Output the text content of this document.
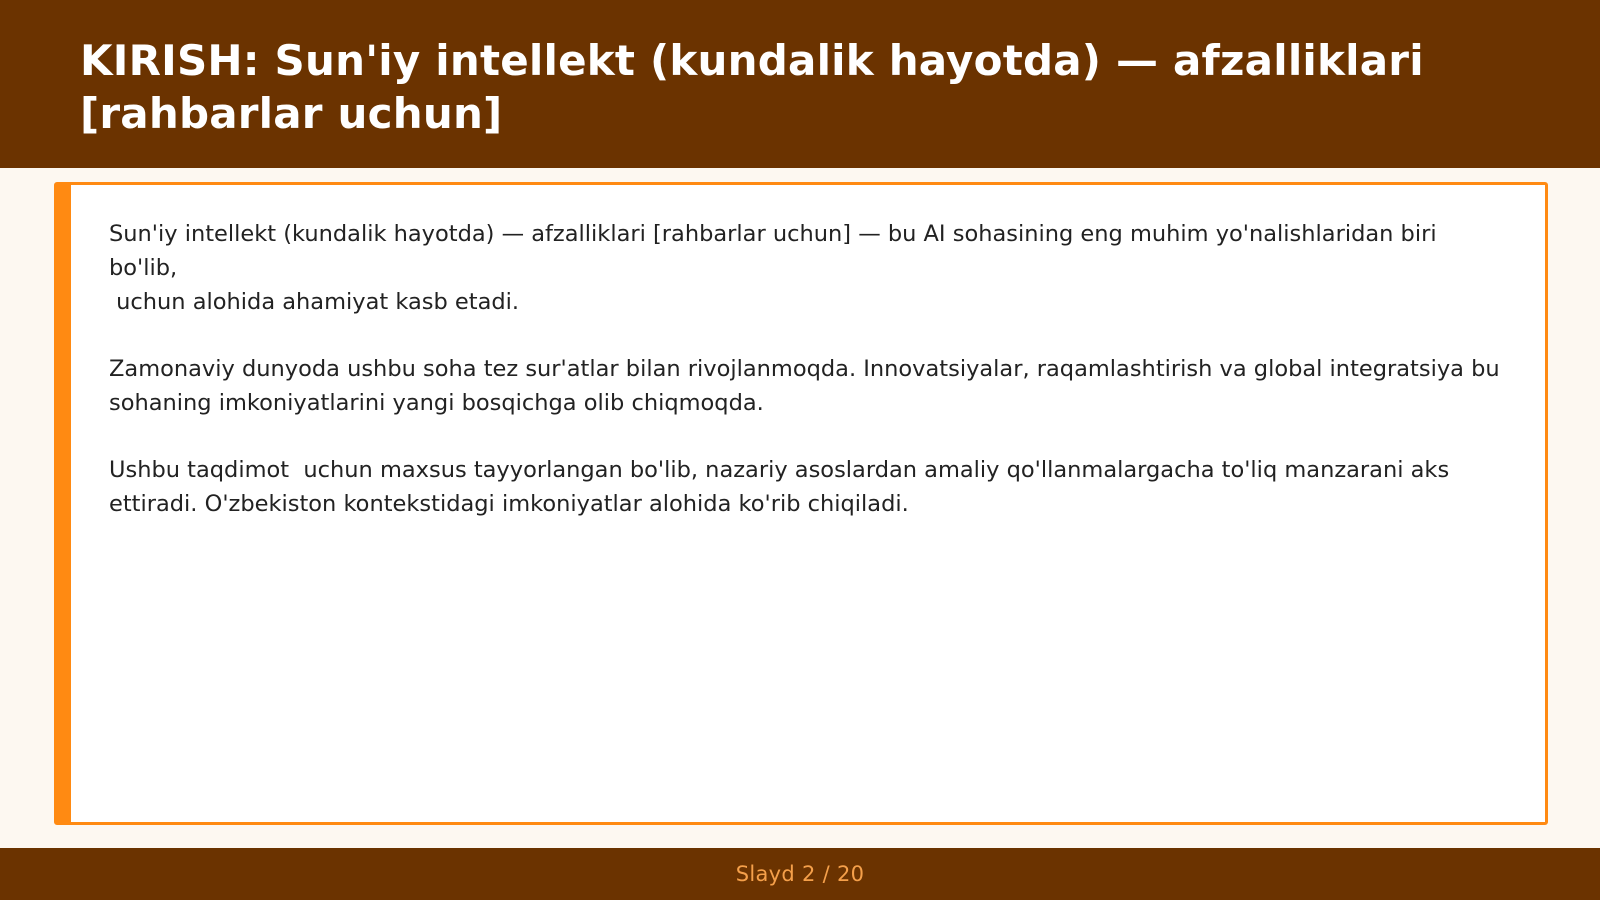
KIRISH: Sun'iy intellekt (kundalik hayotda) — afzalliklari
[rahbarlar uchun]

Sun'iy intellekt (kundalik hayotda) — afzalliklari [rahbarlar uchun] — bu AI sohasining eng muhim yo'nalishlaridan biri bo'lib,
uchun alohida ahamiyat kasb etadi.

Zamonaviy dunyoda ushbu soha tez sur'atlar bilan rivojlanmoqda. Innovatsiyalar, raqamlashtirish va global integratsiya bu
sohaning imkoniyatlarini yangi bosqichga olib chiqmoqda.

Ushbu taqdimot  uchun maxsus tayyorlangan bo'lib, nazariy asoslardan amaliy qo'llanmalargacha to'liq manzarani aks
ettiradi. O'zbekiston kontekstidagi imkoniyatlar alohida ko'rib chiqiladi.

Slayd 2 / 20
